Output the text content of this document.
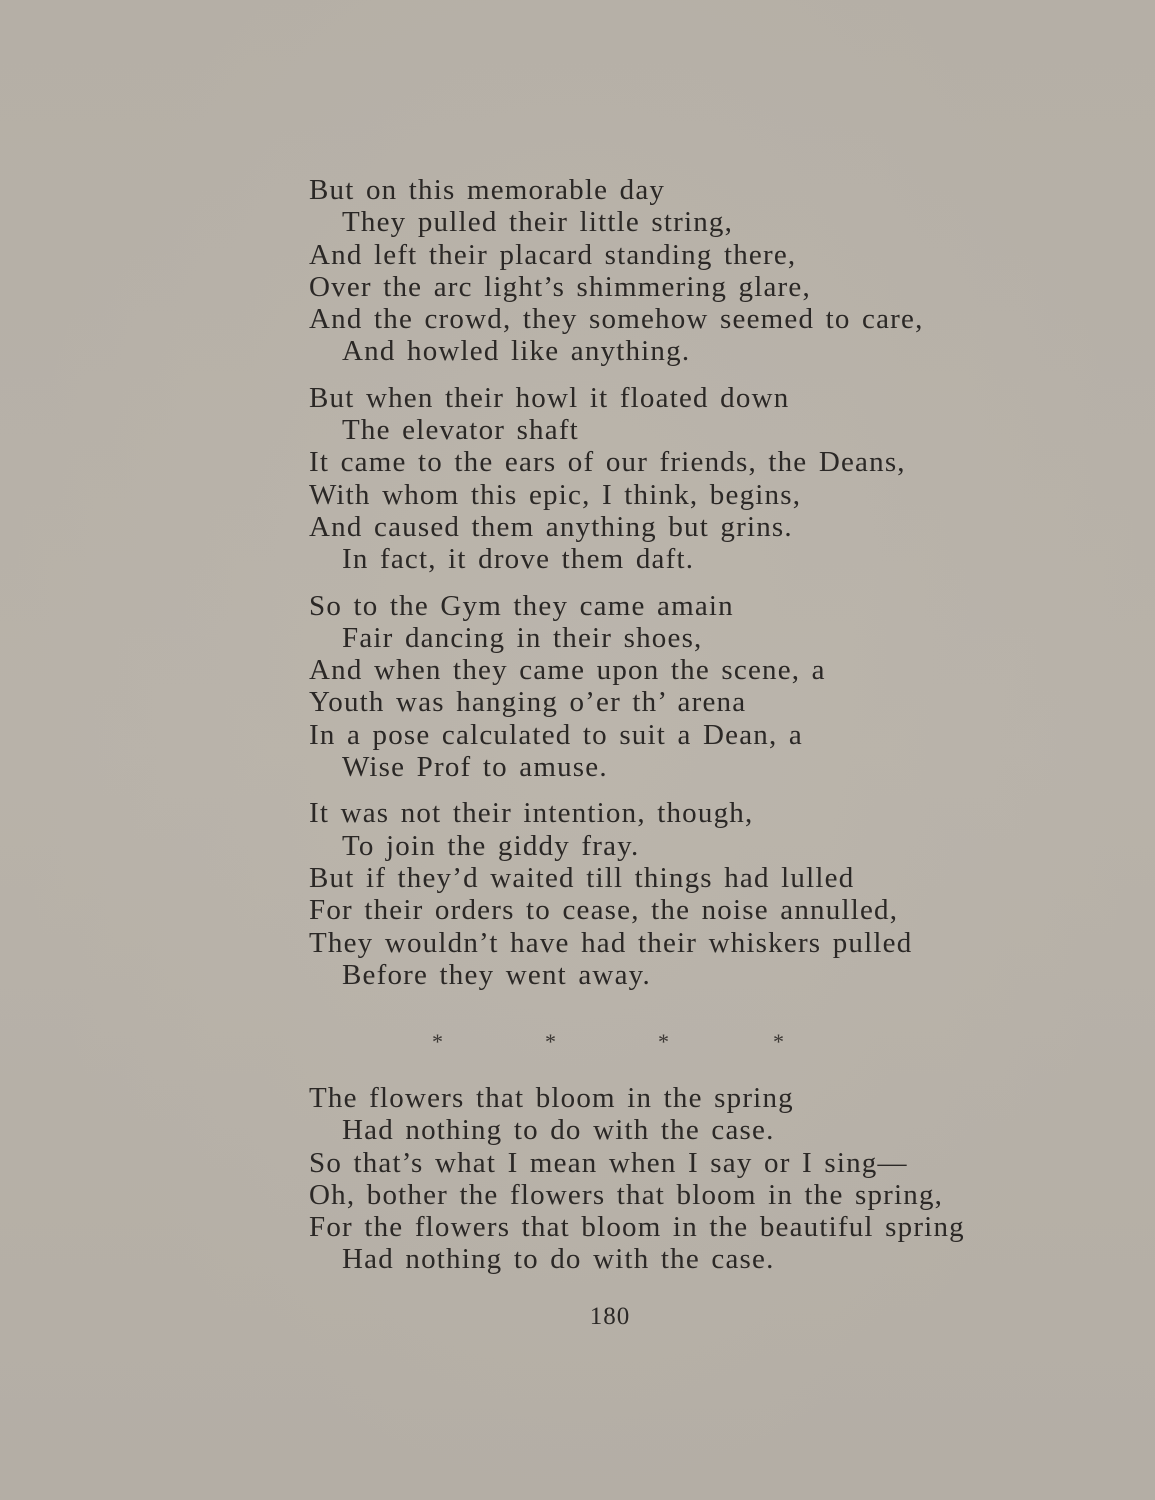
But on this memorable day
They pulled their little string,
And left their placard standing there,
Over the arc light’s shimmering glare,
And the crowd, they somehow seemed to care,
And howled like anything.
But when their howl it floated down
The elevator shaft
It came to the ears of our friends, the Deans,
With whom this epic, I think, begins,
And caused them anything but grins.
In fact, it drove them daft.
So to the Gym they came amain
Fair dancing in their shoes,
And when they came upon the scene, a
Youth was hanging o’er th’ arena
In a pose calculated to suit a Dean, a
Wise Prof to amuse.
It was not their intention, though,
To join the giddy fray.
But if they’d waited till things had lulled
For their orders to cease, the noise annulled,
They wouldn’t have had their whiskers pulled
Before they went away.
*	*	*	*
The flowers that bloom in the spring
Had nothing to do with the case.
So that’s what I mean when I say or I sing—
Oh, bother the flowers that bloom in the spring,
For the flowers that bloom in the beautiful spring
Had nothing to do with the case.
180
